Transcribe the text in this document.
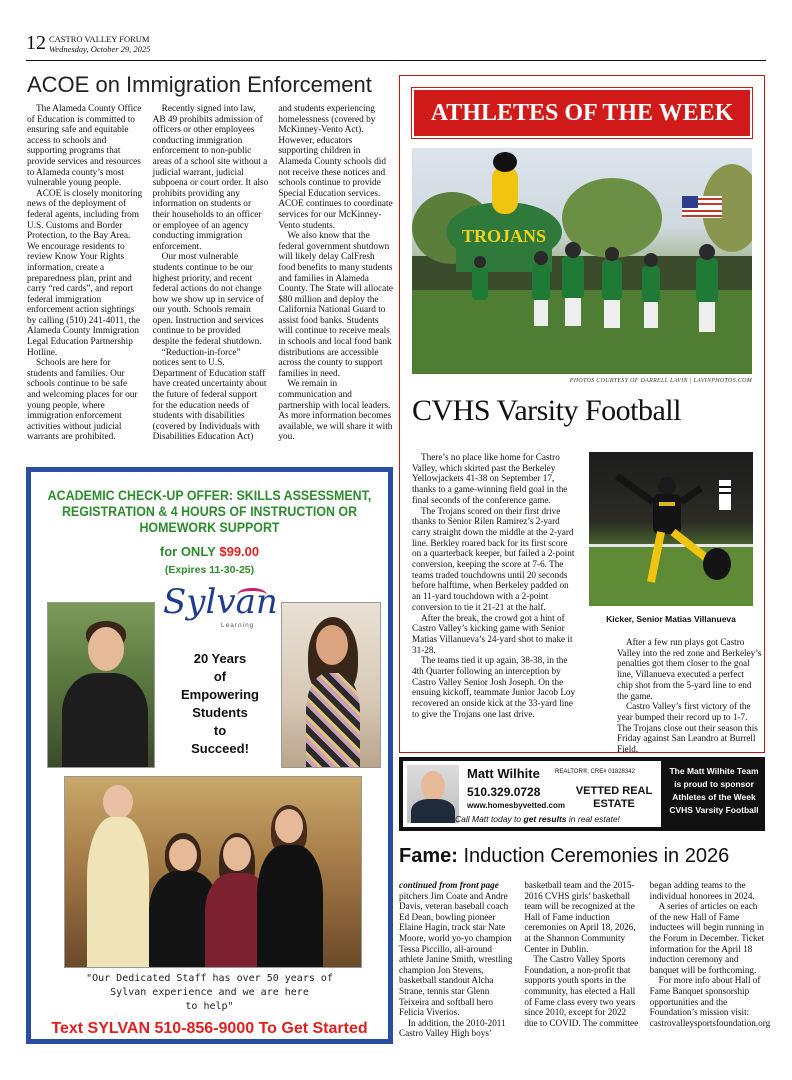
12 CASTRO VALLEY FORUM
Wednesday, October 29, 2025
ACOE on Immigration Enforcement

The Alameda County Office of Education is committed to ensuring safe and equitable access to schools and supporting programs that provide services and resources to Alameda county’s most vulnerable young people.

ACOE is closely monitoring news of the deployment of federal agents, including from U.S. Customs and Border Protection, to the Bay Area. We encourage residents to review Know Your Rights information, create a preparedness plan, print and carry “red cards”, and report federal immigration enforcement action sightings by calling (510) 241-4011, the Alameda County Immigration Legal Education Partnership Hotline.

Schools are here for students and families. Our schools continue to be safe and welcoming places for our young people, where immigration enforcement activities without judicial warrants are prohibited.

Recently signed into law, AB 49 prohibits admission of officers or other employees conducting immigration enforcement to non-public areas of a school site without a judicial warrant, judicial subpoena or court order. It also prohibits providing any information on students or their households to an officer or employee of an agency conducting immigration enforcement.

Our most vulnerable students continue to be our highest priority, and recent federal actions do not change how we show up in service of our youth. Schools remain open. Instruction and services continue to be provided despite the federal shutdown.

“Reduction-in-force” notices sent to U.S. Department of Education staff have created uncertainty about the future of federal support for the education needs of students with disabilities (covered by Individuals with Disabilities Education Act) and students experiencing homelessness (covered by McKinney-Vento Act). However, educators supporting children in Alameda County schools did not receive these notices and schools continue to provide Special Education services. ACOE continues to coordinate services for our McKinney-Vento students.

We also know that the federal government shutdown will likely delay CalFresh food benefits to many students and families in Alameda County. The State will allocate $80 million and deploy the California National Guard to assist food banks. Students will continue to receive meals in schools and local food bank distributions are accessible across the county to support families in need.

We remain in communication and partnership with local leaders. As more information becomes available, we will share it with you.

ACADEMIC CHECK-UP OFFER: SKILLS ASSESSMENT, REGISTRATION & 4 HOURS OF INSTRUCTION OR HOMEWORK SUPPORT
for ONLY $99.00
(Expires 11-30-25)
Sylvan
Learning
20 Years
of
Empowering
Students
to
Succeed!
"Our Dedicated Staff has over 50 years of
Sylvan experience and we are here
to help"
Text SYLVAN 510-856-9000 To Get Started
ATHLETES OF THE WEEK
TROJANS
PHOTOS COURTESY OF DARRELL LAVIN | LAVINPHOTOS.COM
CVHS Varsity Football

There’s no place like home for Castro Valley, which skirted past the Berkeley Yellowjackets 41-38 on September 17, thanks to a game-winning field goal in the final seconds of the conference game.

The Trojans scored on their first drive thanks to Senior Rilen Ramirez’s 2-yard carry straight down the middle at the 2-yard line. Berkley roared back for its first score on a quarterback keeper, but failed a 2-point conversion, keeping the score at 7-6. The teams traded touchdowns until 20 seconds before halftime, when Berkeley padded on an 11-yard touchdown with a 2-point conversion to tie it 21-21 at the half.

After the break, the crowd got a hint of Castro Valley’s kicking game with Senior Matias Villanueva’s 24-yard shot to make it 31-28.

The teams tied it up again, 38-38, in the 4th Quarter following an interception by Castro Valley Senior Josh Joseph. On the ensuing kickoff, teammate Junior Jacob Loy recovered an onside kick at the 33-yard line to give the Trojans one last drive.

Kicker, Senior Matias Villanueva

After a few run plays got Castro Valley into the red zone and Berkeley’s penalties got them closer to the goal line, Villanueva executed a perfect chip shot from the 5-yard line to end the game.

Castro Valley’s first victory of the year bumped their record up to 1-7. The Trojans close out their season this Friday against San Leandro at Burrell Field.

Matt Wilhite	REALTOR®, CRE# 01828342
510.329.0728
www.homesbyvetted.com
VETTED REAL ESTATE
Call Matt today to get results in real estate!
The Matt Wilhite Team is proud to sponsor Athletes of the Week CVHS Varsity Football
Fame: Induction Ceremonies in 2026

continued from front page
pitchers Jim Coate and Andre Davis, veteran baseball coach Ed Dean, bowling pioneer Elaine Hagin, track star Nate Moore, world yo-yo champion Tessa Piccillo, all-around athlete Janine Smith, wrestling champion Jon Stevens, basketball standout Alcha Strane, tennis star Glenn Teixeira and softball hero Felicia Viverios.

In addition, the 2010-2011 Castro Valley High boys’ basketball team and the 2015-2016 CVHS girls’ basketball team will be recognized at the Hall of Fame induction ceremonies on April 18, 2026, at the Shannon Community Center in Dublin.

The Castro Valley Sports Foundation, a non-profit that supports youth sports in the community, has elected a Hall of Fame class every two years since 2010, except for 2022 due to COVID. The committee began adding teams to the individual honorees in 2024.

A series of articles on each of the new Hall of Fame inductees will begin running in the Forum in December. Ticket information for the April 18 induction ceremony and banquet will be forthcoming.

For more info about Hall of Fame Banquet sponsorship opportunities and the Foundation’s mission visit: castrovalleysportsfoundation.org
